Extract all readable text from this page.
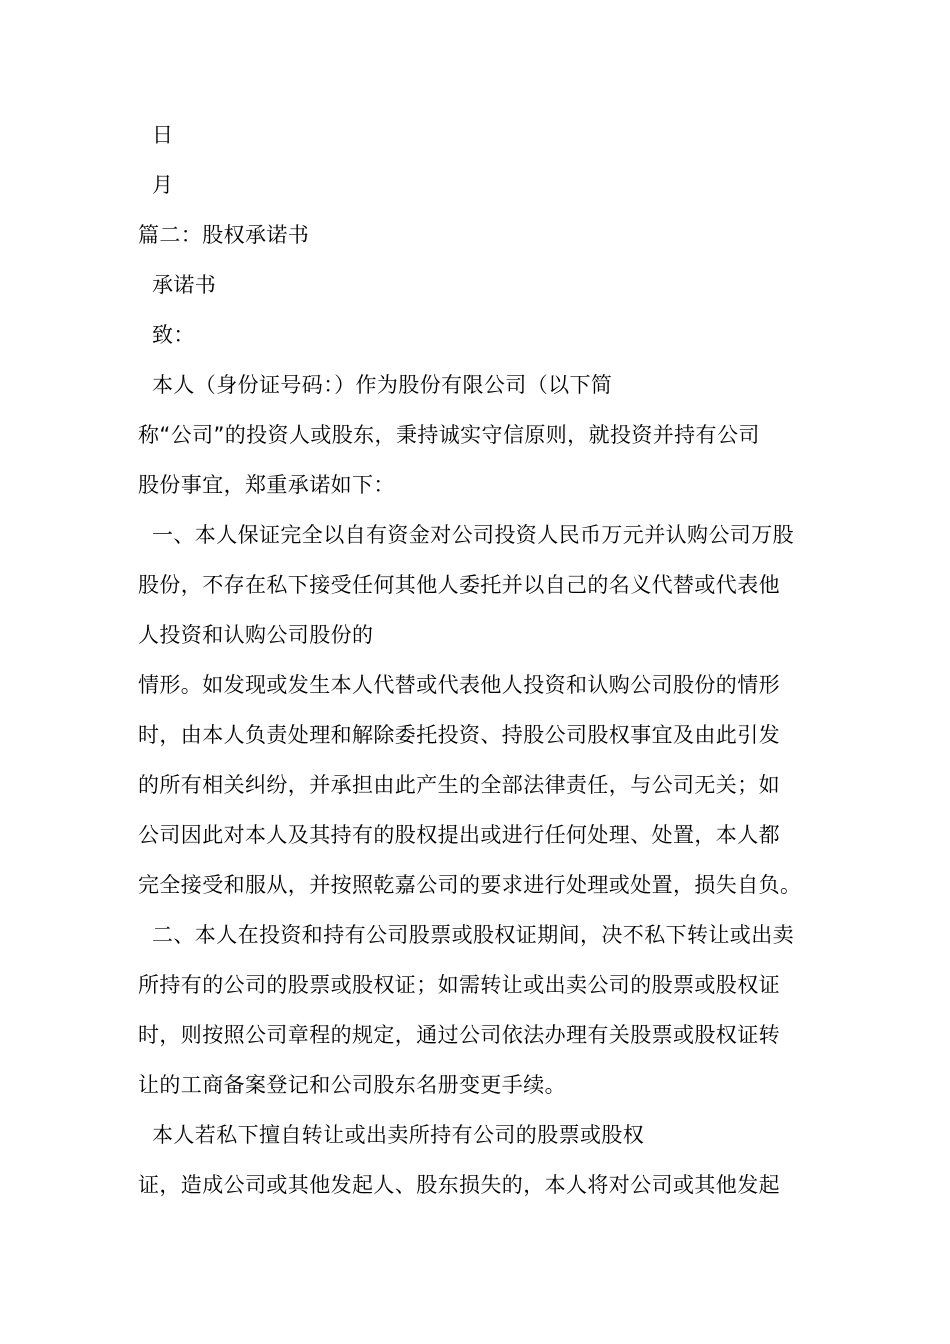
日
月
篇二：股权承诺书
承诺书
致：
本人（身份证号码：）作为股份有限公司（以下简
称“公司”的投资人或股东，秉持诚实守信原则，就投资并持有公司
股份事宜，郑重承诺如下：
一、本人保证完全以自有资金对公司投资人民币万元并认购公司万股
股份，不存在私下接受任何其他人委托并以自己的名义代替或代表他
人投资和认购公司股份的
情形。如发现或发生本人代替或代表他人投资和认购公司股份的情形
时，由本人负责处理和解除委托投资、持股公司股权事宜及由此引发
的所有相关纠纷，并承担由此产生的全部法律责任，与公司无关；如
公司因此对本人及其持有的股权提出或进行任何处理、处置，本人都
完全接受和服从，并按照乾嘉公司的要求进行处理或处置，损失自负。
二、本人在投资和持有公司股票或股权证期间，决不私下转让或出卖
所持有的公司的股票或股权证；如需转让或出卖公司的股票或股权证
时，则按照公司章程的规定，通过公司依法办理有关股票或股权证转
让的工商备案登记和公司股东名册变更手续。
本人若私下擅自转让或出卖所持有公司的股票或股权
证，造成公司或其他发起人、股东损失的，本人将对公司或其他发起
